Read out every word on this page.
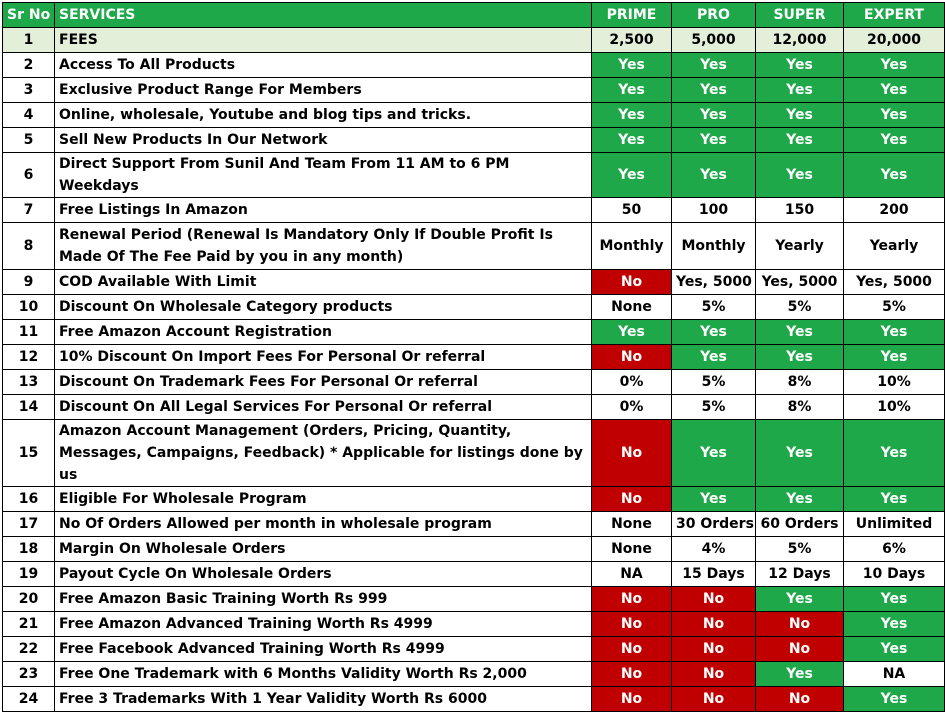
Sr No	SERVICES	PRIME	PRO	SUPER	EXPERT
1	FEES	2,500	5,000	12,000	20,000
2	Access To All Products	Yes	Yes	Yes	Yes
3	Exclusive Product Range For Members	Yes	Yes	Yes	Yes
4	Online, wholesale, Youtube and blog tips and tricks.	Yes	Yes	Yes	Yes
5	Sell New Products In Our Network	Yes	Yes	Yes	Yes
6	Direct Support From Sunil And Team From 11 AM to 6 PM Weekdays	Yes	Yes	Yes	Yes
7	Free Listings In Amazon	50	100	150	200
8	Renewal Period (Renewal Is Mandatory Only If Double Profit Is Made Of The Fee Paid by you in any month)	Monthly	Monthly	Yearly	Yearly
9	COD Available With Limit	No	Yes, 5000	Yes, 5000	Yes, 5000
10	Discount On Wholesale Category products	None	5%	5%	5%
11	Free Amazon Account Registration	Yes	Yes	Yes	Yes
12	10% Discount On Import Fees For Personal Or referral	No	Yes	Yes	Yes
13	Discount On Trademark Fees For Personal Or referral	0%	5%	8%	10%
14	Discount On All Legal Services For Personal Or referral	0%	5%	8%	10%
15	Amazon Account Management (Orders, Pricing, Quantity, Messages, Campaigns, Feedback) * Applicable for listings done by us	No	Yes	Yes	Yes
16	Eligible For Wholesale Program	No	Yes	Yes	Yes
17	No Of Orders Allowed per month in wholesale program	None	30 Orders	60 Orders	Unlimited
18	Margin On Wholesale Orders	None	4%	5%	6%
19	Payout Cycle On Wholesale Orders	NA	15 Days	12 Days	10 Days
20	Free Amazon Basic Training Worth Rs 999	No	No	Yes	Yes
21	Free Amazon Advanced Training Worth Rs 4999	No	No	No	Yes
22	Free Facebook Advanced Training Worth Rs 4999	No	No	No	Yes
23	Free One Trademark with 6 Months Validity Worth Rs 2,000	No	No	Yes	NA
24	Free 3 Trademarks With 1 Year Validity Worth Rs 6000	No	No	No	Yes
